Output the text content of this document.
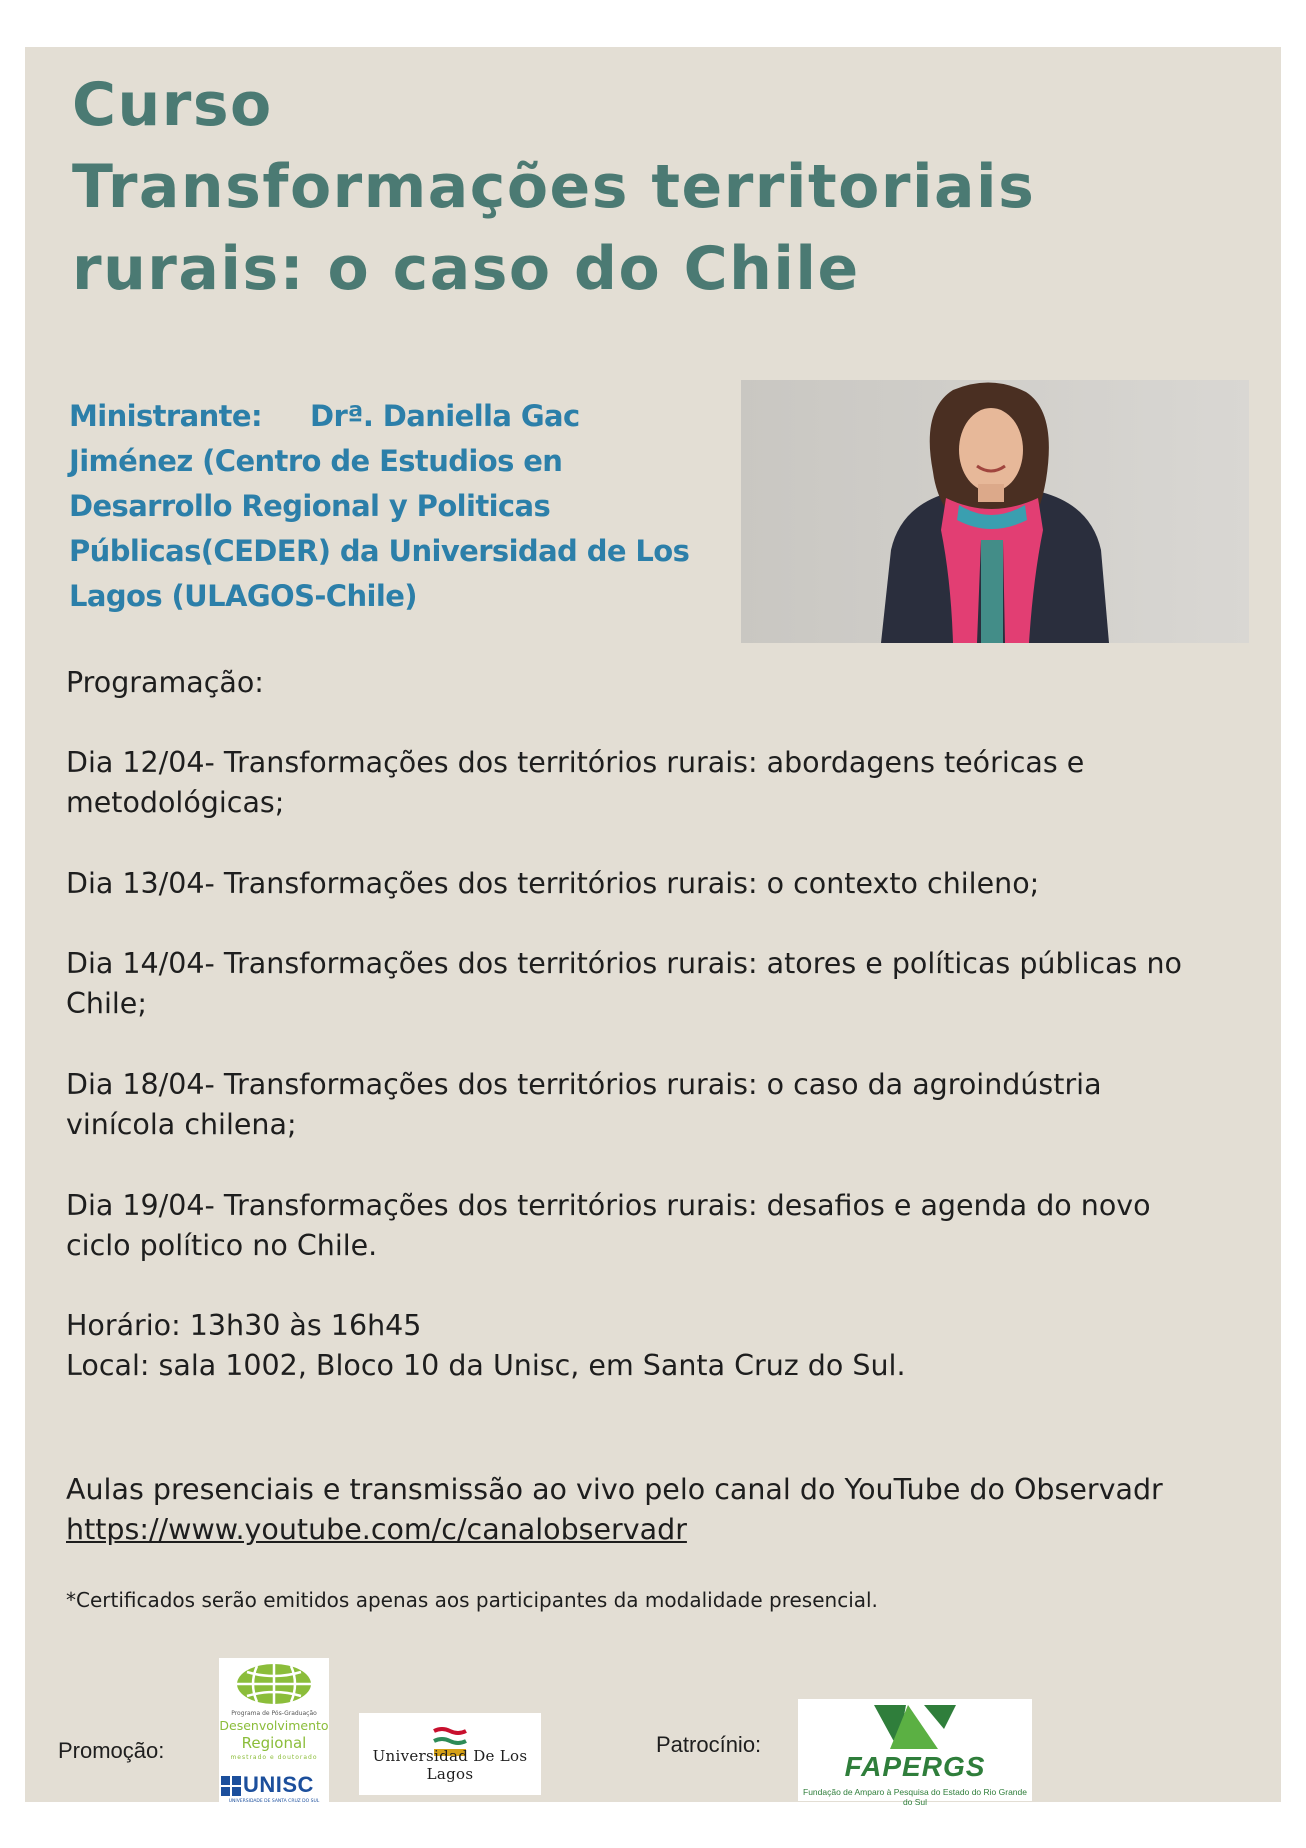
Curso
Transformações territoriais
rurais: o caso do Chile
Ministrante: Drª. Daniella Gac
Jiménez (Centro de Estudios en
Desarrollo Regional y Politicas
Públicas(CEDER) da Universidad de Los
Lagos (ULAGOS-Chile)

Programação:

Dia 12/04- Transformações dos territórios rurais: abordagens teóricas e
metodológicas;
Dia 13/04- Transformações dos territórios rurais: o contexto chileno;
Dia 14/04- Transformações dos territórios rurais: atores e políticas públicas no
Chile;
Dia 18/04- Transformações dos territórios rurais: o caso da agroindústria
vinícola chilena;
Dia 19/04- Transformações dos territórios rurais: desafios e agenda do novo
ciclo político no Chile.
Horário: 13h30 às 16h45
Local: sala 1002, Bloco 10 da Unisc, em Santa Cruz do Sul.
Aulas presenciais e transmissão ao vivo pelo canal do YouTube do Observadr
https://www.youtube.com/c/canalobservadr

*Certificados serão emitidos apenas aos participantes da modalidade presencial.

Promoção:	Patrocínio:

Programa de Pós-Graduação
Desenvolvimento
Regional
mestrado e doutorado
UNISC
UNIVERSIDADE DE SANTA CRUZ DO SUL
Universidad De Los Lagos	FAPERGS
Fundação de Amparo à Pesquisa do Estado do Rio Grande do Sul
